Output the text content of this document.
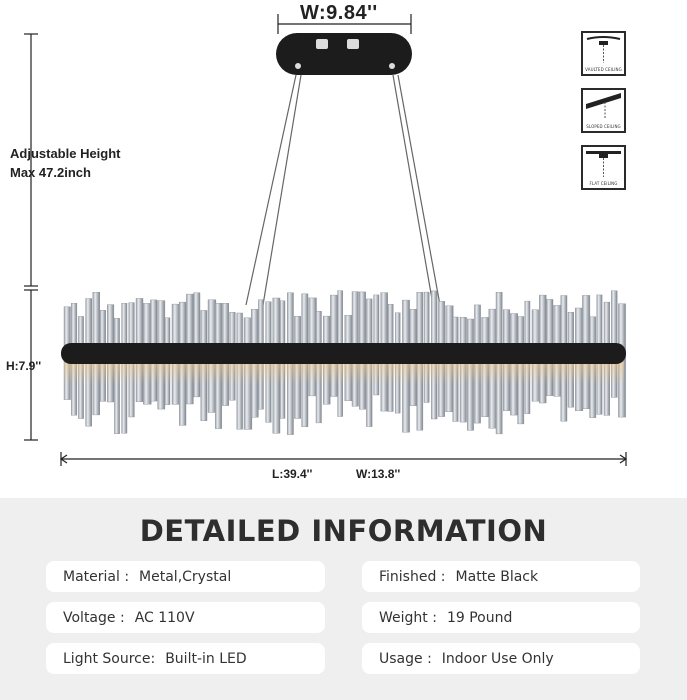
W:9.84''
Adjustable Height
Max 47.2inch
H:7.9''
L:39.4''	W:13.8''
VAULTED CEILING
SLOPED CEILING
FLAT CEILING
DETAILED INFORMATION
Material : Metal,Crystal	Finished : Matte Black
Voltage : AC 110V	Weight : 19 Pound
Light Source: Built-in LED	Usage : Indoor Use Only
